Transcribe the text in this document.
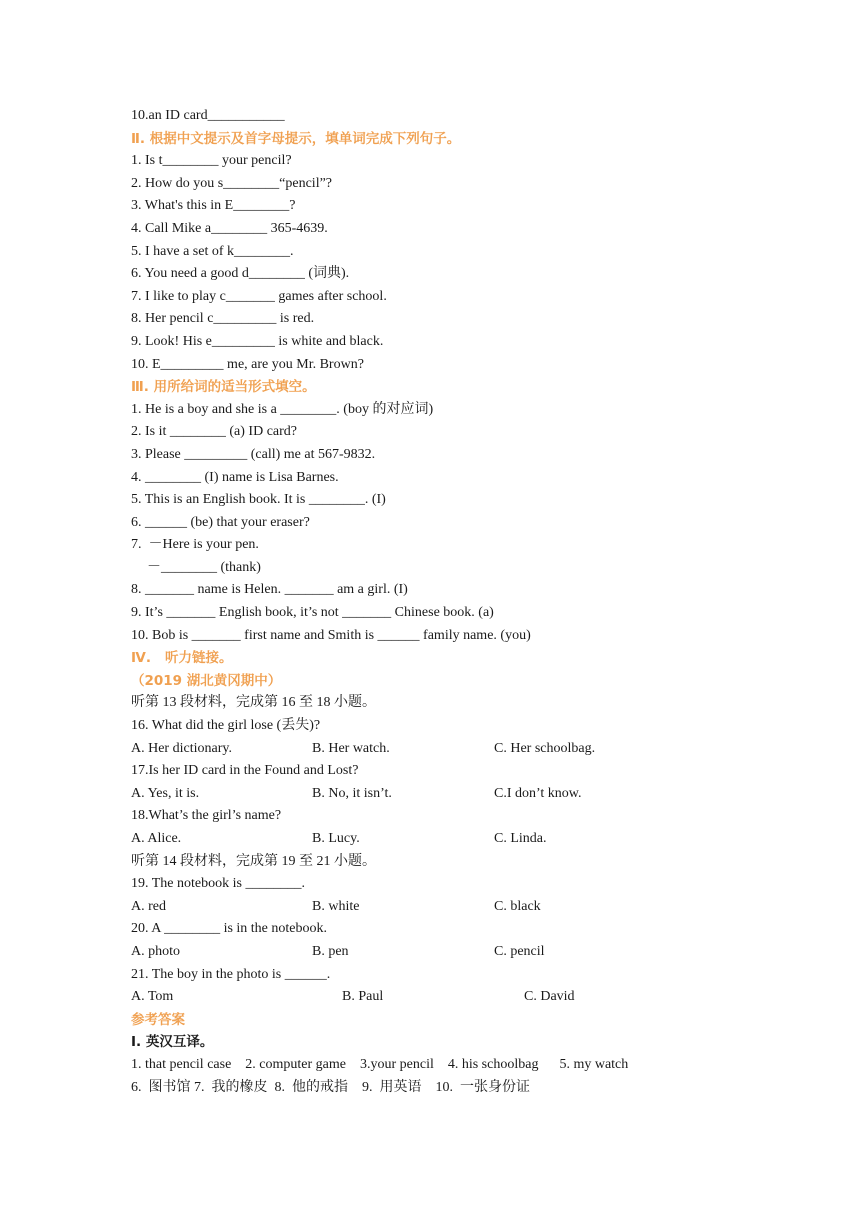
10.an ID card___________
Ⅱ. 根据中文提示及首字母提示，填单词完成下列句子。
1. Is t________ your pencil?
2. How do you s________“pencil”?
3. What's this in E________?
4. Call Mike a________ 365-4639.
5. I have a set of k________.
6. You need a good d________ (词典).
7. I like to play c_______ games after school.
8. Her pencil c_________ is red.
9. Look! His e_________ is white and black.
10. E_________ me, are you Mr. Brown?
Ⅲ. 用所给词的适当形式填空。
1. He is a boy and she is a ________. (boy 的对应词)
2. Is it ________ (a) ID card?
3. Please _________ (call) me at 567-9832.
4. ________ (I) name is Lisa Barnes.
5. This is an English book. It is ________. (I)
6. ______ (be) that your eraser?
7.  －Here is your pen.
－________ (thank)
8. _______ name is Helen. _______ am a girl. (I)
9. It’s _______ English book, it’s not _______ Chinese book. (a)
10. Bob is _______ first name and Smith is ______ family name. (you)
Ⅳ.   听力链接。
（2019 湖北黄冈期中）
听第 13 段材料，完成第 16 至 18 小题。
16. What did the girl lose (丢失)?
A. Her dictionary.	B. Her watch.	C. Her schoolbag.
17.Is her ID card in the Found and Lost?
A. Yes, it is.	B. No, it isn’t.	C.I don’t know.
18.What’s the girl’s name?
A. Alice.	B. Lucy.	C. Linda.
听第 14 段材料，完成第 19 至 21 小题。
19. The notebook is ________.
A. red	B. white	C. black
20. A ________ is in the notebook.
A. photo	B. pen	C. pencil
21. The boy in the photo is ______.
A. Tom	B. Paul	C. David
参考答案
Ⅰ. 英汉互译。
1. that pencil case    2. computer game    3.your pencil    4. his schoolbag      5. my watch
6.  图书馆 7.  我的橡皮  8.  他的戒指    9.  用英语    10.  一张身份证
